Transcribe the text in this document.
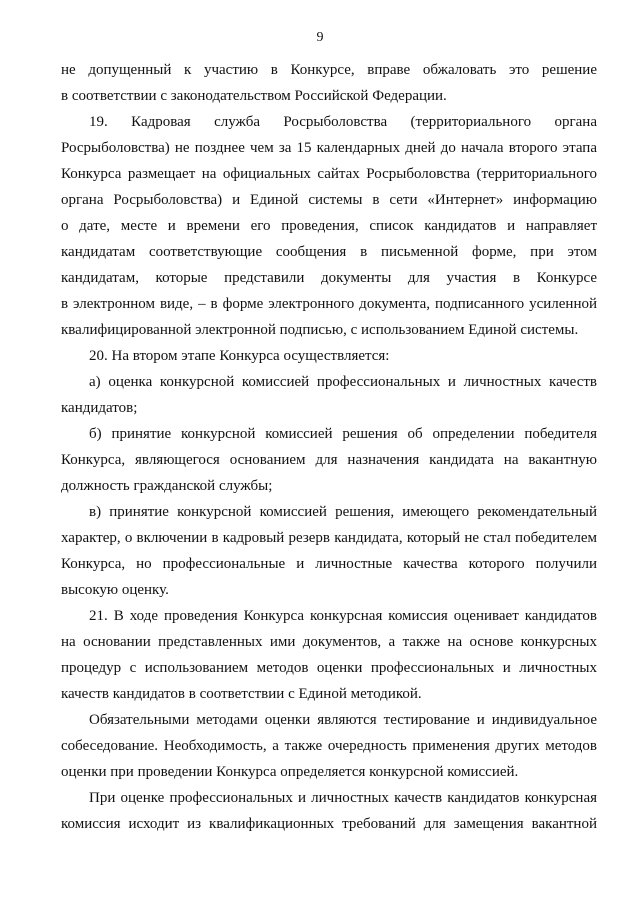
9
не допущенный к участию в Конкурсе, вправе обжаловать это решение
в соответствии с законодательством Российской Федерации.
19. Кадровая служба Росрыболовства (территориального органа
Росрыболовства) не позднее чем за 15 календарных дней до начала второго этапа
Конкурса размещает на официальных сайтах Росрыболовства (территориального
органа Росрыболовства) и Единой системы в сети «Интернет» информацию
о дате, месте и времени его проведения, список кандидатов и направляет
кандидатам соответствующие сообщения в письменной форме, при этом
кандидатам, которые представили документы для участия в Конкурсе
в электронном виде, – в форме электронного документа, подписанного усиленной
квалифицированной электронной подписью, с использованием Единой системы.
20. На втором этапе Конкурса осуществляется:
а) оценка конкурсной комиссией профессиональных и личностных качеств
кандидатов;
б) принятие конкурсной комиссией решения об определении победителя
Конкурса, являющегося основанием для назначения кандидата на вакантную
должность гражданской службы;
в) принятие конкурсной комиссией решения, имеющего рекомендательный
характер, о включении в кадровый резерв кандидата, который не стал победителем
Конкурса, но профессиональные и личностные качества которого получили
высокую оценку.
21. В ходе проведения Конкурса конкурсная комиссия оценивает кандидатов
на основании представленных ими документов, а также на основе конкурсных
процедур с использованием методов оценки профессиональных и личностных
качеств кандидатов в соответствии с Единой методикой.
Обязательными методами оценки являются тестирование и индивидуальное
собеседование. Необходимость, а также очередность применения других методов
оценки при проведении Конкурса определяется конкурсной комиссией.
При оценке профессиональных и личностных качеств кандидатов конкурсная
комиссия исходит из квалификационных требований для замещения вакантной
